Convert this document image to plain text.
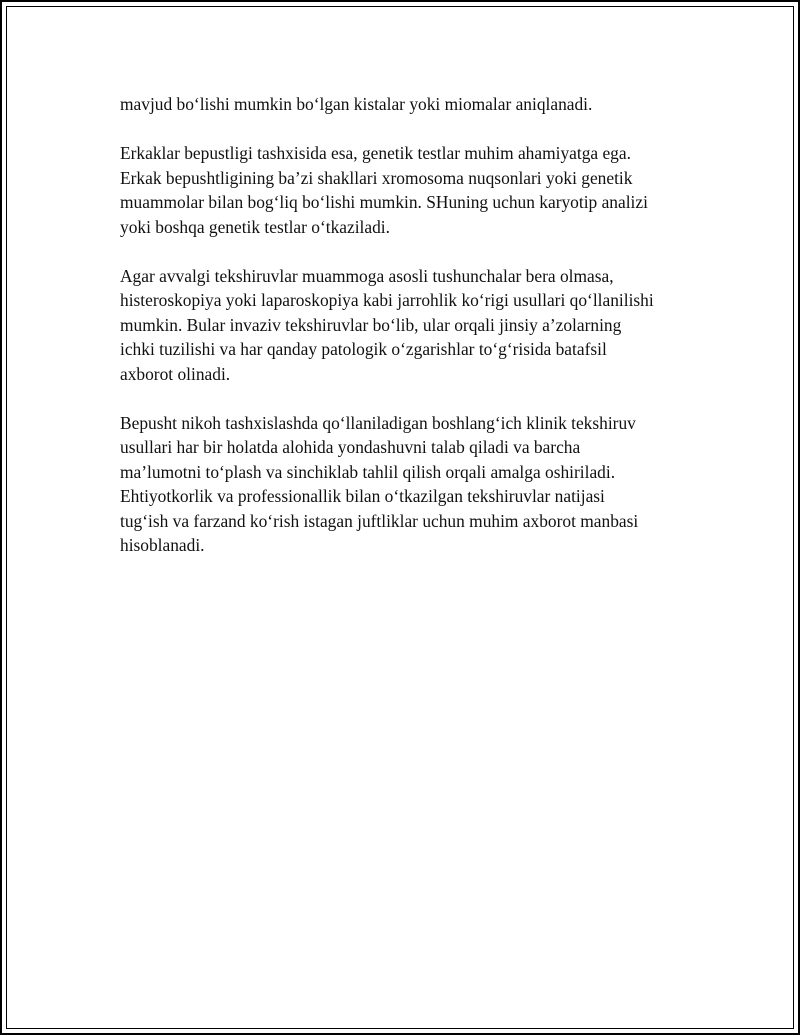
mavjud boʻlishi mumkin boʻlgan kistalar yoki miomalar aniqlanadi.

Erkaklar bepustligi tashxisida esa, genetik testlar muhim ahamiyatga ega.
Erkak bepushtligining baʼzi shakllari xromosoma nuqsonlari yoki genetik
muammolar bilan bogʻliq boʻlishi mumkin. SHuning uchun karyotip analizi
yoki boshqa genetik testlar oʻtkaziladi.

Agar avvalgi tekshiruvlar muammoga asosli tushunchalar bera olmasa,
histeroskopiya yoki laparoskopiya kabi jarrohlik koʻrigi usullari qoʻllanilishi
mumkin. Bular invaziv tekshiruvlar boʻlib, ular orqali jinsiy aʼzolarning
ichki tuzilishi va har qanday patologik oʻzgarishlar toʻgʻrisida batafsil
axborot olinadi.

Bepusht nikoh tashxislashda qoʻllaniladigan boshlangʻich klinik tekshiruv
usullari har bir holatda alohida yondashuvni talab qiladi va barcha
maʼlumotni toʻplash va sinchiklab tahlil qilish orqali amalga oshiriladi.
Ehtiyotkorlik va professionallik bilan oʻtkazilgan tekshiruvlar natijasi
tugʻish va farzand koʻrish istagan juftliklar uchun muhim axborot manbasi
hisoblanadi.
